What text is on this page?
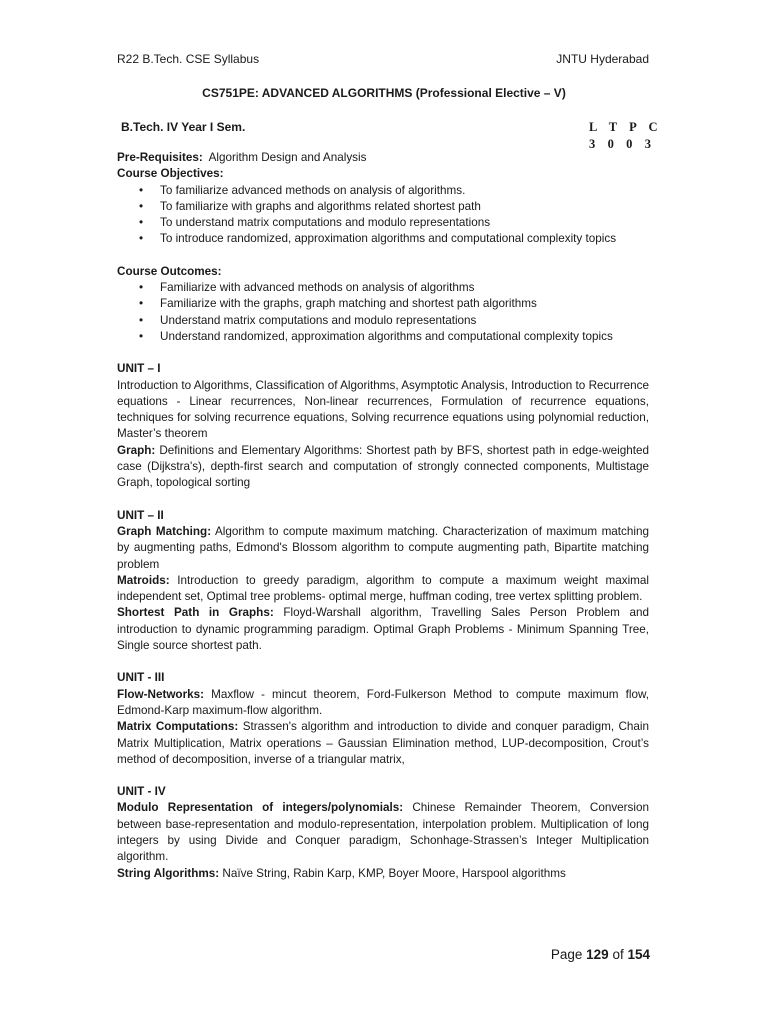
R22 B.Tech. CSE Syllabus	JNTU Hyderabad
CS751PE: ADVANCED ALGORITHMS (Professional Elective – V)
B.Tech. IV Year I Sem.	L T P C
3 0 0 3

Pre-Requisites: Algorithm Design and Analysis

Course Objectives:

• To familiarize advanced methods on analysis of algorithms.
• To familiarize with graphs and algorithms related shortest path
• To understand matrix computations and modulo representations
• To introduce randomized, approximation algorithms and computational complexity topics

Course Outcomes:

• Familiarize with advanced methods on analysis of algorithms
• Familiarize with the graphs, graph matching and shortest path algorithms
• Understand matrix computations and modulo representations
• Understand randomized, approximation algorithms and computational complexity topics

UNIT – I

Introduction to Algorithms, Classification of Algorithms, Asymptotic Analysis, Introduction to Recurrence equations - Linear recurrences, Non-linear recurrences, Formulation of recurrence equations, techniques for solving recurrence equations, Solving recurrence equations using polynomial reduction, Master’s theorem

Graph: Definitions and Elementary Algorithms: Shortest path by BFS, shortest path in edge-weighted case (Dijkstra's), depth-first search and computation of strongly connected components, Multistage Graph, topological sorting

UNIT – II

Graph Matching: Algorithm to compute maximum matching. Characterization of maximum matching by augmenting paths, Edmond's Blossom algorithm to compute augmenting path, Bipartite matching problem

Matroids: Introduction to greedy paradigm, algorithm to compute a maximum weight maximal independent set, Optimal tree problems- optimal merge, huffman coding, tree vertex splitting problem.

Shortest Path in Graphs: Floyd-Warshall algorithm, Travelling Sales Person Problem and introduction to dynamic programming paradigm. Optimal Graph Problems - Minimum Spanning Tree, Single source shortest path.

UNIT - III

Flow-Networks: Maxflow - mincut theorem, Ford-Fulkerson Method to compute maximum flow, Edmond-Karp maximum-flow algorithm.

Matrix Computations: Strassen's algorithm and introduction to divide and conquer paradigm, Chain Matrix Multiplication, Matrix operations – Gaussian Elimination method, LUP-decomposition, Crout’s method of decomposition, inverse of a triangular matrix,

UNIT - IV

Modulo Representation of integers/polynomials: Chinese Remainder Theorem, Conversion between base-representation and modulo-representation, interpolation problem. Multiplication of long integers by using Divide and Conquer paradigm, Schonhage-Strassen’s Integer Multiplication algorithm.

String Algorithms: Naïve String, Rabin Karp, KMP, Boyer Moore, Harspool algorithms

Page 129 of 154
